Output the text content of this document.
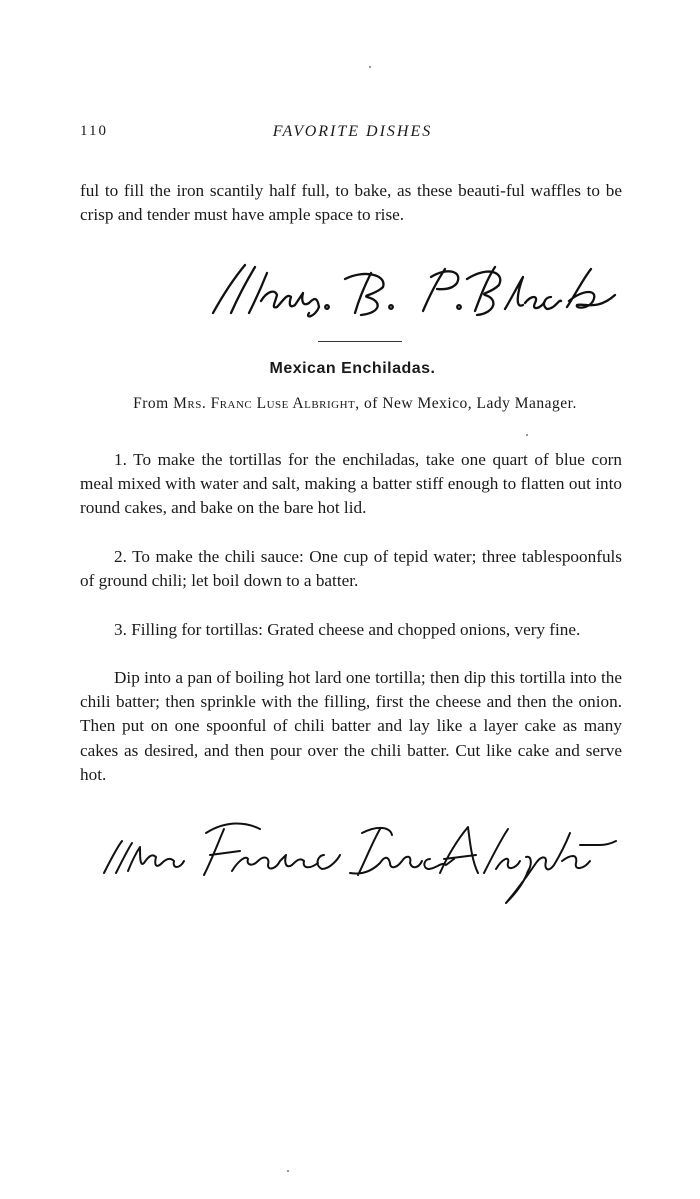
110	FAVORITE DISHES

ful to fill the iron scantily half full, to bake, as these beauti-ful waffles to be crisp and tender must have ample space to rise.

Mexican Enchiladas.
From Mrs. Franc Luse Albright, of New Mexico, Lady Manager.

1. To make the tortillas for the enchiladas, take one quart of blue corn meal mixed with water and salt, making a batter stiff enough to flatten out into round cakes, and bake on the bare hot lid.

2. To make the chili sauce: One cup of tepid water; three tablespoonfuls of ground chili; let boil down to a batter.

3. Filling for tortillas: Grated cheese and chopped onions, very fine.

Dip into a pan of boiling hot lard one tortilla; then dip this tortilla into the chili batter; then sprinkle with the filling, first the cheese and then the onion. Then put on one spoonful of chili batter and lay like a layer cake as many cakes as desired, and then pour over the chili batter. Cut like cake and serve hot.
